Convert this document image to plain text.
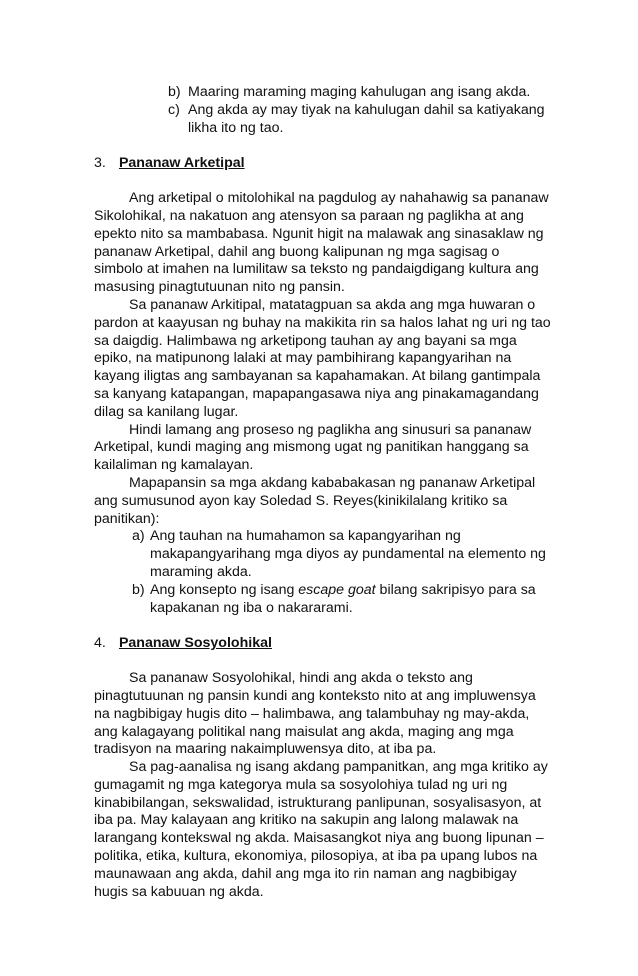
b) Maaring maraming maging kahulugan ang isang akda.
c) Ang akda ay may tiyak na kahulugan dahil sa katiyakang likha ito ng tao.
3. Pananaw Arketipal

Ang arketipal o mitolohikal na pagdulog ay nahahawig sa pananaw Sikolohikal, na nakatuon ang atensyon sa paraan ng paglikha at ang epekto nito sa mambabasa. Ngunit higit na malawak ang sinasaklaw ng pananaw Arketipal, dahil ang buong kalipunan ng mga sagisag o simbolo at imahen na lumilitaw sa teksto ng pandaigdigang kultura ang masusing pinagtutuunan nito ng pansin.

Sa pananaw Arkitipal, matatagpuan sa akda ang mga huwaran o pardon at kaayusan ng buhay na makikita rin sa halos lahat ng uri ng tao sa daigdig. Halimbawa ng arketipong tauhan ay ang bayani sa mga epiko, na matipunong lalaki at may pambihirang kapangyarihan na kayang iligtas ang sambayanan sa kapahamakan. At bilang gantimpala sa kanyang katapangan, mapapangasawa niya ang pinakamagandang dilag sa kanilang lugar.

Hindi lamang ang proseso ng paglikha ang sinusuri sa pananaw Arketipal, kundi maging ang mismong ugat ng panitikan hanggang sa kailaliman ng kamalayan.

Mapapansin sa mga akdang kababakasan ng pananaw Arketipal ang sumusunod ayon kay Soledad S. Reyes(kinikilalang kritiko sa panitikan):

a) Ang tauhan na humahamon sa kapangyarihan ng makapangyarihang mga diyos ay pundamental na elemento ng maraming akda.
b) Ang konsepto ng isang escape goat bilang sakripisyo para sa kapakanan ng iba o nakararami.
4. Pananaw Sosyolohikal

Sa pananaw Sosyolohikal, hindi ang akda o teksto ang pinagtutuunan ng pansin kundi ang konteksto nito at ang impluwensya na nagbibigay hugis dito – halimbawa, ang talambuhay ng may-akda, ang kalagayang politikal nang maisulat ang akda, maging ang mga tradisyon na maaring nakaimpluwensya dito, at iba pa.

Sa pag-aanalisa ng isang akdang pampanitkan, ang mga kritiko ay gumagamit ng mga kategorya mula sa sosyolohiya tulad ng uri ng kinabibilangan, sekswalidad, istrukturang panlipunan, sosyalisasyon, at iba pa. May kalayaan ang kritiko na sakupin ang lalong malawak na larangang kontekswal ng akda. Maisasangkot niya ang buong lipunan – politika, etika, kultura, ekonomiya, pilosopiya, at iba pa upang lubos na maunawaan ang akda, dahil ang mga ito rin naman ang nagbibigay hugis sa kabuuan ng akda.
